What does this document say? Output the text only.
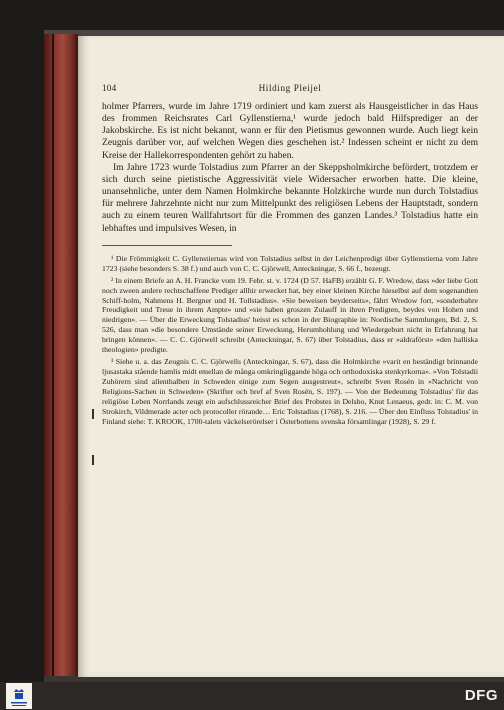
104	Hilding Pleijel

holmer Pfarrers, wurde im Jahre 1719 ordiniert und kam zuerst als Hausgeistlicher in das Haus des frommen Reichsrates Carl Gyllenstierna,¹ wurde jedoch bald Hilfsprediger an der Jakobskirche. Es ist nicht bekannt, wann er für den Pietismus gewonnen wurde. Auch liegt kein Zeugnis darüber vor, auf welchen Wegen dies geschehen ist.² Indessen scheint er nicht zu dem Kreise der Hallekorrespondenten gehört zu haben.

Im Jahre 1723 wurde Tolstadius zum Pfarrer an der Skeppsholmkirche befördert, trotzdem er sich durch seine pietistische Aggressivität viele Widersacher erworben hatte. Die kleine, unansehnliche, unter dem Namen Holmkirche bekannte Holzkirche wurde nun durch Tolstadius für mehrere Jahrzehnte nicht nur zum Mittelpunkt des religiösen Lebens der Hauptstadt, sondern auch zu einem teuren Wallfahrtsort für die Frommen des ganzen Landes.³ Tolstadius hatte ein lebhaftes und impulsives Wesen, in

¹ Die Frömmigkeit C. Gyllenstiernas wird von Tolstadius selbst in der Leichenpredigt über Gyllenstierna vom Jahre 1723 (siehe besonders S. 38 f.) und auch von C. C. Gjörwell, Anteckningar, S. 66 f., bezeugt.

² In einem Briefe an A. H. Francke vom 19. Febr. st. v. 1724 (D 57. HaFB) erzählt G. F. Wredow, dass »der liebe Gott noch zween andere rechtschaffene Prediger allhir erwecket hat, bey einer kleinen Kirche hieselbst auf dem sogenandten Schiff-holm, Nahmens H. Bergner und H. Tollstadius». »Sie beweisen beyderseits», fährt Wredow fort, »sonderbahre Freudigkeit und Treue in ihrem Ampte» und »sie haben groszen Zulauff in ihren Predigten, beydes von Hohen und niedrigen». — Über die Erweckung Tolstadius' heisst es schon in der Biographie in: Nordische Sammlungen, Bd. 2, S. 526, dass man »die besondere Umstände seiner Erweckung, Herumhohlung und Wiedergeburt nicht in Erfahrung hat bringen können». — C. C. Gjörwell schreibt (Anteckningar, S. 67) über Tolstadius, dass er »aldraförst» »den halliska theologien» predigte.

³ Siehe u. a. das Zeugnis C. C. Gjörwells (Anteckningar, S. 67), dass die Holmkirche »varit en beständigt brinnande ljusastaka stående hamlis midt emellan de många omkringliggande höga och orthodoxiska stenkyrkorna». »Von Tolstadii Zuhörern sind allenthalben in Schweden einige zum Segen ausgestreut», schreibt Sven Rosén in »Nachricht von Religions-Sachen in Schweden» (Skrifter och bref af Sven Rosén, S. 197). — Von der Bedeutung Tolstadius' für das religiöse Leben Norrlands zeugt ein aufschlussreicher Brief des Probstes in Delsbo, Knut Lenaeus, gedr. in: C. M. von Strokirch, Vildmerade acter och protocoller rörande… Eric Tolstadius (1768), S. 216. — Über den Einfluss Tolstadius' in Finland siehe: T. KROOK, 1700-talets väckelserörelser i Österbottens svenska församlingar (1928), S. 29 f.

DFG
